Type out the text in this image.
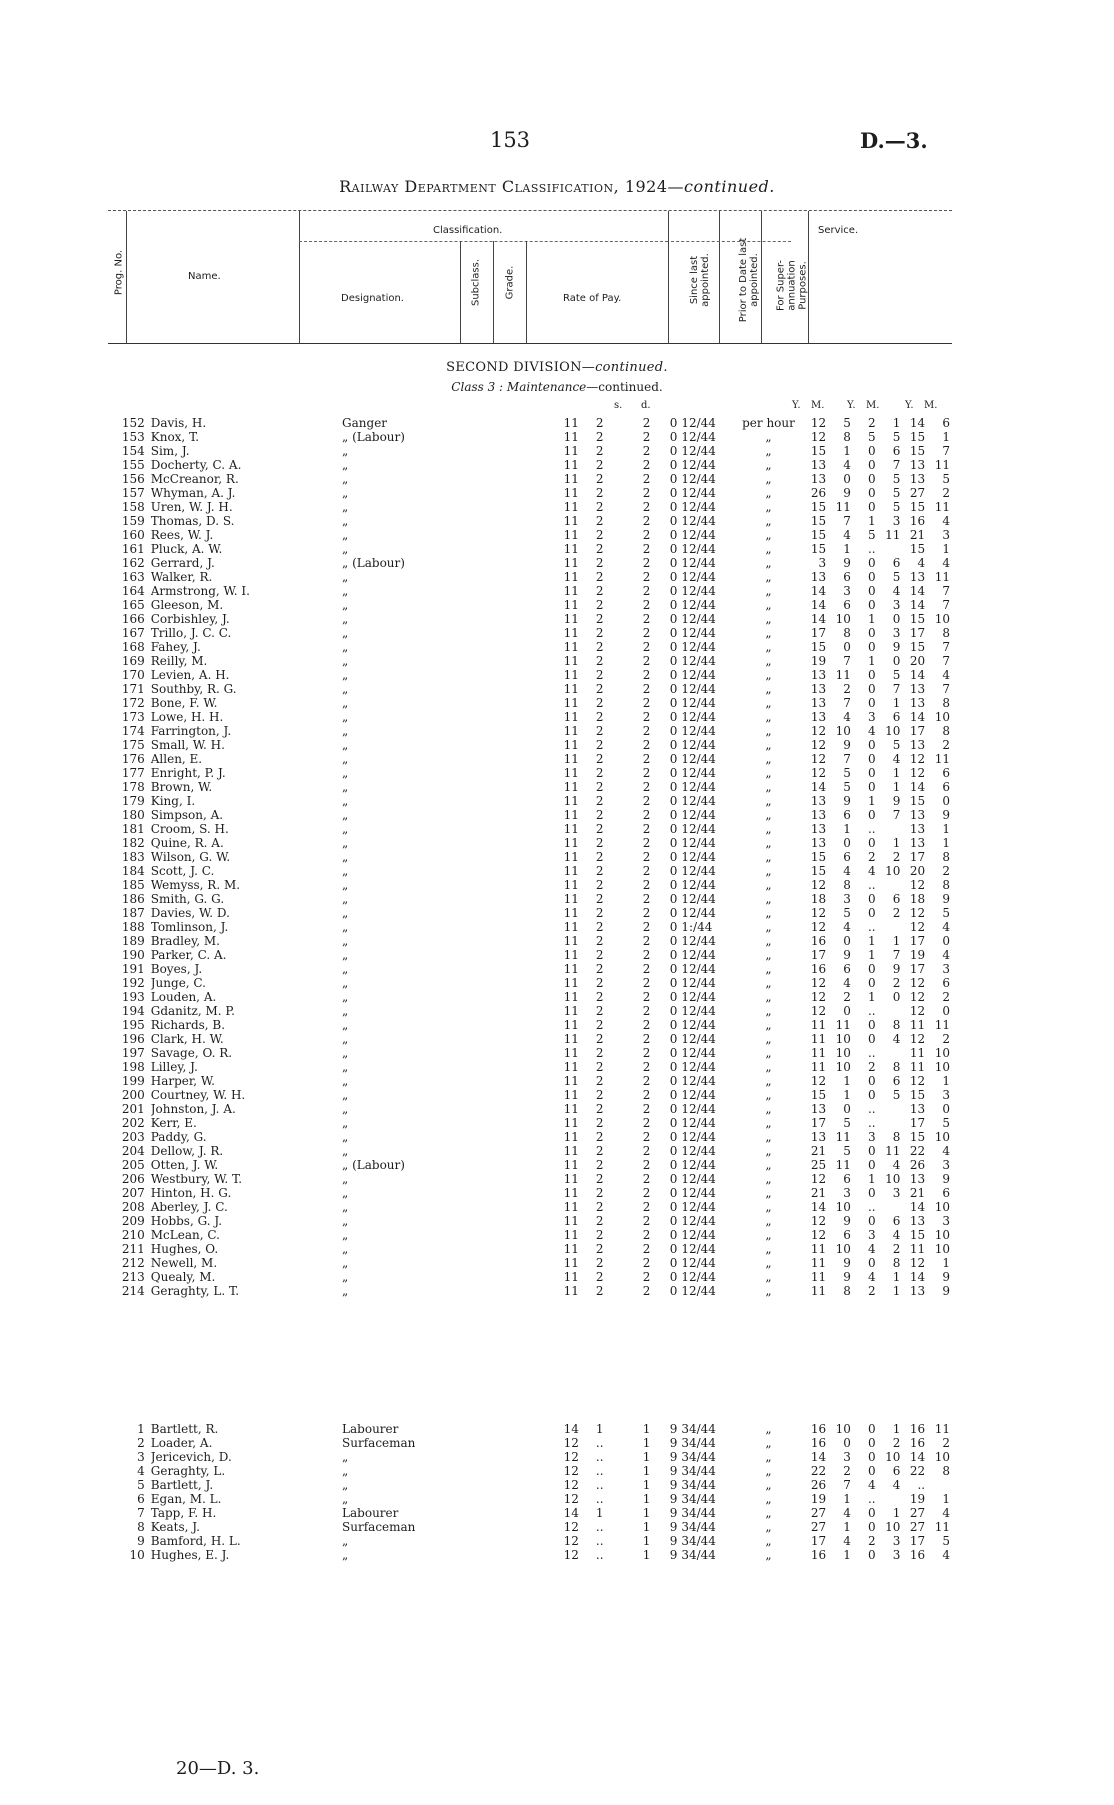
153	D.—3.
Railway Department Classification, 1924—continued.
Classification.	Service.
Name.
Designation.	Rate of Pay.
Prog. No.	Subclass. Grade.	Since last appointed.	Prior to Date last appointed. For Super-annuation Purposes.
SECOND DIVISION—continued.
Class 3 : Maintenance—continued.
s. d.	Y. M. Y. M.	Y. M.
152	Davis, H.	Ganger	11	2	2	0	12/44	per hour	12	5	2	1	14	6
153	Knox, T.	„ (Labour)	11	2	2	0	12/44	„	12	8	5	5	15	1
154	Sim, J.	„	11	2	2	0	12/44	„	15	1	0	6	15	7
155	Docherty, C. A.	„	11	2	2	0	12/44	„	13	4	0	7	13	11
156	McCreanor, R.	„	11	2	2	0	12/44	„	13	0	0	5	13	5
157	Whyman, A. J.	„	11	2	2	0	12/44	„	26	9	0	5	27	2
158	Uren, W. J. H.	„	11	2	2	0	12/44	„	15	11	0	5	15	11
159	Thomas, D. S.	„	11	2	2	0	12/44	„	15	7	1	3	16	4
160	Rees, W. J.	„	11	2	2	0	12/44	„	15	4	5	11	21	3
161	Pluck, A. W.	„	11	2	2	0	12/44	„	15	1	..		15	1
162	Gerrard, J.	„ (Labour)	11	2	2	0	12/44	„	3	9	0	6	4	4
163	Walker, R.	„	11	2	2	0	12/44	„	13	6	0	5	13	11
164	Armstrong, W. I.	„	11	2	2	0	12/44	„	14	3	0	4	14	7
165	Gleeson, M.	„	11	2	2	0	12/44	„	14	6	0	3	14	7
166	Corbishley, J.	„	11	2	2	0	12/44	„	14	10	1	0	15	10
167	Trillo, J. C. C.	„	11	2	2	0	12/44	„	17	8	0	3	17	8
168	Fahey, J.	„	11	2	2	0	12/44	„	15	0	0	9	15	7
169	Reilly, M.	„	11	2	2	0	12/44	„	19	7	1	0	20	7
170	Levien, A. H.	„	11	2	2	0	12/44	„	13	11	0	5	14	4
171	Southby, R. G.	„	11	2	2	0	12/44	„	13	2	0	7	13	7
172	Bone, F. W.	„	11	2	2	0	12/44	„	13	7	0	1	13	8
173	Lowe, H. H.	„	11	2	2	0	12/44	„	13	4	3	6	14	10
174	Farrington, J.	„	11	2	2	0	12/44	„	12	10	4	10	17	8
175	Small, W. H.	„	11	2	2	0	12/44	„	12	9	0	5	13	2
176	Allen, E.	„	11	2	2	0	12/44	„	12	7	0	4	12	11
177	Enright, P. J.	„	11	2	2	0	12/44	„	12	5	0	1	12	6
178	Brown, W.	„	11	2	2	0	12/44	„	14	5	0	1	14	6
179	King, I.	„	11	2	2	0	12/44	„	13	9	1	9	15	0
180	Simpson, A.	„	11	2	2	0	12/44	„	13	6	0	7	13	9
181	Croom, S. H.	„	11	2	2	0	12/44	„	13	1	..		13	1
182	Quine, R. A.	„	11	2	2	0	12/44	„	13	0	0	1	13	1
183	Wilson, G. W.	„	11	2	2	0	12/44	„	15	6	2	2	17	8
184	Scott, J. C.	„	11	2	2	0	12/44	„	15	4	4	10	20	2
185	Wemyss, R. M.	„	11	2	2	0	12/44	„	12	8	..		12	8
186	Smith, G. G.	„	11	2	2	0	12/44	„	18	3	0	6	18	9
187	Davies, W. D.	„	11	2	2	0	12/44	„	12	5	0	2	12	5
188	Tomlinson, J.	„	11	2	2	0	1:/44	„	12	4	..		12	4
189	Bradley, M.	„	11	2	2	0	12/44	„	16	0	1	1	17	0
190	Parker, C. A.	„	11	2	2	0	12/44	„	17	9	1	7	19	4
191	Boyes, J.	„	11	2	2	0	12/44	„	16	6	0	9	17	3
192	Junge, C.	„	11	2	2	0	12/44	„	12	4	0	2	12	6
193	Louden, A.	„	11	2	2	0	12/44	„	12	2	1	0	12	2
194	Gdanitz, M. P.	„	11	2	2	0	12/44	„	12	0	..		12	0
195	Richards, B.	„	11	2	2	0	12/44	„	11	11	0	8	11	11
196	Clark, H. W.	„	11	2	2	0	12/44	„	11	10	0	4	12	2
197	Savage, O. R.	„	11	2	2	0	12/44	„	11	10	..		11	10
198	Lilley, J.	„	11	2	2	0	12/44	„	11	10	2	8	11	10
199	Harper, W.	„	11	2	2	0	12/44	„	12	1	0	6	12	1
200	Courtney, W. H.	„	11	2	2	0	12/44	„	15	1	0	5	15	3
201	Johnston, J. A.	„	11	2	2	0	12/44	„	13	0	..		13	0
202	Kerr, E.	„	11	2	2	0	12/44	„	17	5	..		17	5
203	Paddy, G.	„	11	2	2	0	12/44	„	13	11	3	8	15	10
204	Dellow, J. R.	„	11	2	2	0	12/44	„	21	5	0	11	22	4
205	Otten, J. W.	„ (Labour)	11	2	2	0	12/44	„	25	11	0	4	26	3
206	Westbury, W. T.	„	11	2	2	0	12/44	„	12	6	1	10	13	9
207	Hinton, H. G.	„	11	2	2	0	12/44	„	21	3	0	3	21	6
208	Aberley, J. C.	„	11	2	2	0	12/44	„	14	10	..		14	10
209	Hobbs, G. J.	„	11	2	2	0	12/44	„	12	9	0	6	13	3
210	McLean, C.	„	11	2	2	0	12/44	„	12	6	3	4	15	10
211	Hughes, O.	„	11	2	2	0	12/44	„	11	10	4	2	11	10
212	Newell, M.	„	11	2	2	0	12/44	„	11	9	0	8	12	1
213	Quealy, M.	„	11	2	2	0	12/44	„	11	9	4	1	14	9
214	Geraghty, L. T.	„	11	2	2	0	12/44	„	11	8	2	1	13	9
1	Bartlett, R.	Labourer	14	1	1	9	34/44	„	16	10	0	1	16	11
2	Loader, A.	Surfaceman	12	..	1	9	34/44	„	16	0	0	2	16	2
3	Jericevich, D.	„	12	..	1	9	34/44	„	14	3	0	10	14	10
4	Geraghty, L.	„	12	..	1	9	34/44	„	22	2	0	6	22	8
5	Bartlett, J.	„	12	..	1	9	34/44	„	26	7	4	4	..	
6	Egan, M. L.	„	12	..	1	9	34/44	„	19	1	..		19	1
7	Tapp, F. H.	Labourer	14	1	1	9	34/44	„	27	4	0	1	27	4
8	Keats, J.	Surfaceman	12	..	1	9	34/44	„	27	1	0	10	27	11
9	Bamford, H. L.	„	12	..	1	9	34/44	„	17	4	2	3	17	5
10	Hughes, E. J.	„	12	..	1	9	34/44	„	16	1	0	3	16	4
20—D. 3.
